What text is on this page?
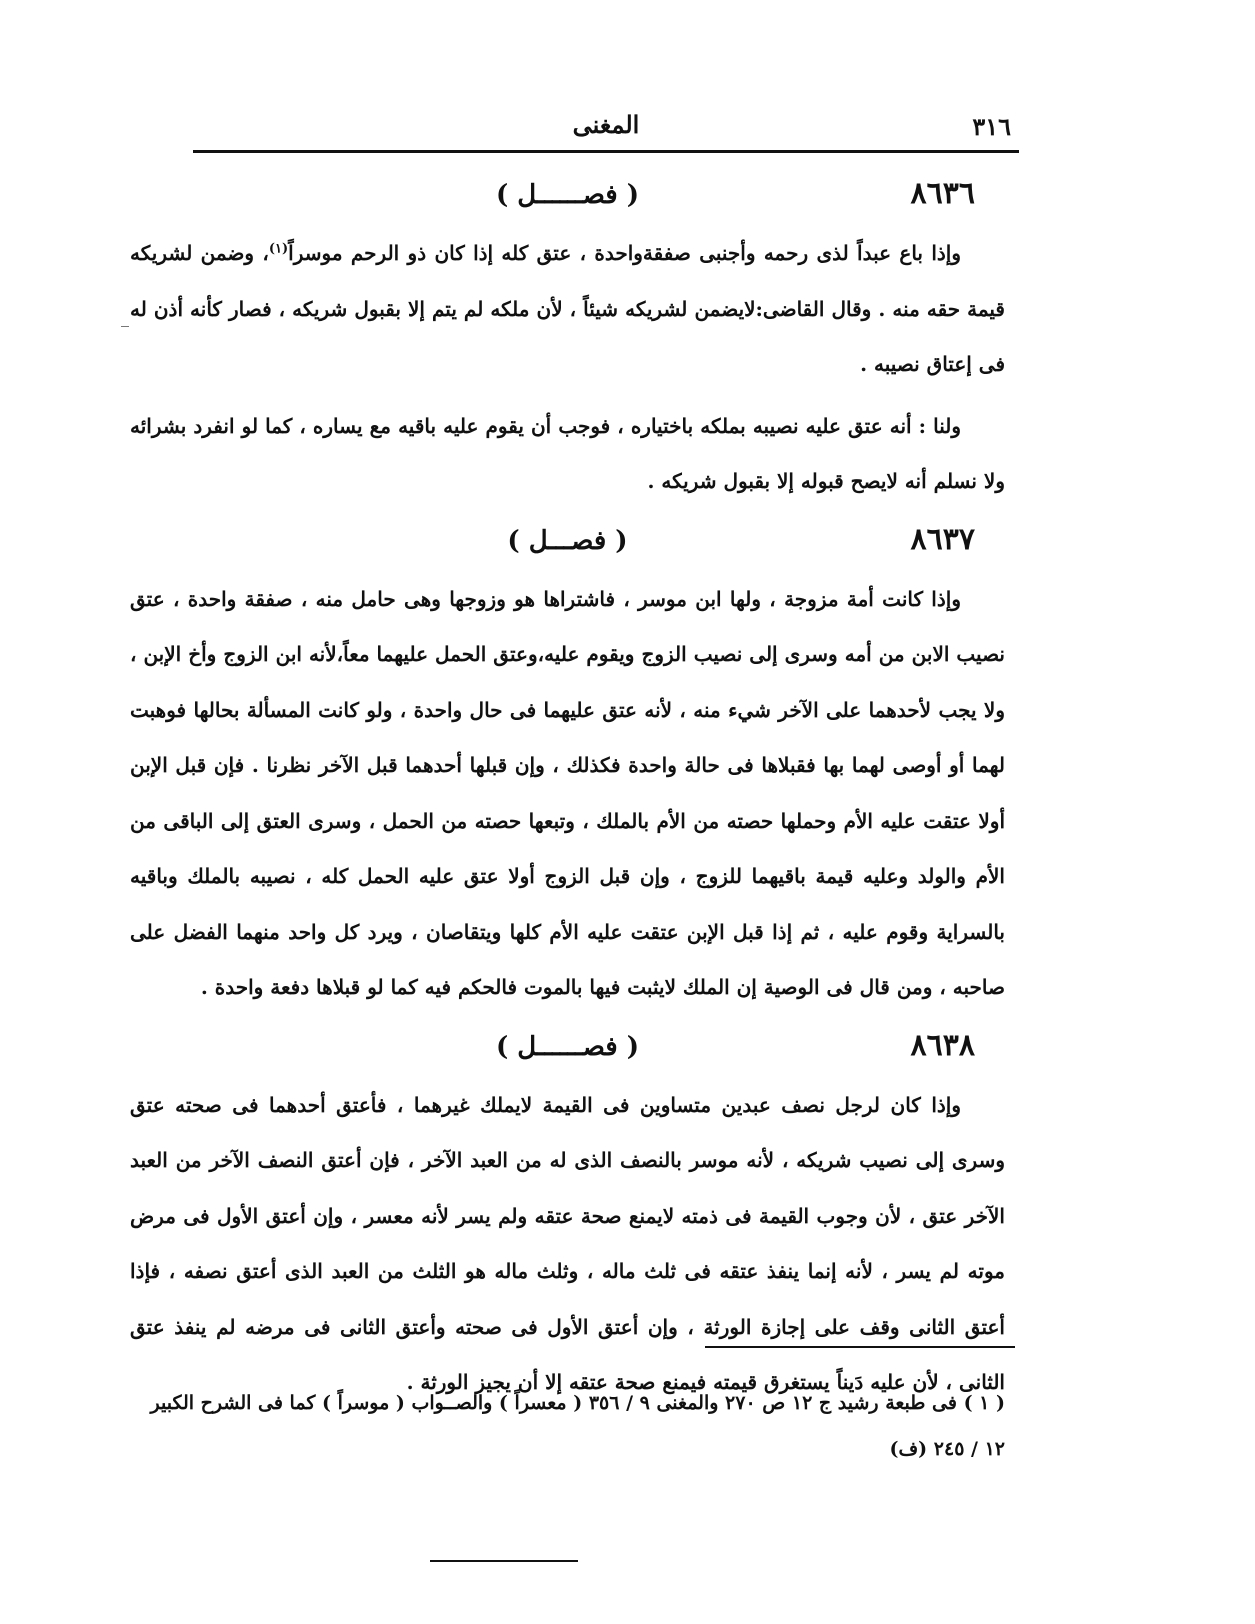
٣١٦
المغنى
٨٦٣٦
( فصــــــل )

وإذا باع عبداً لذى رحمه وأجنبى صفقةواحدة ، عتق كله إذا كان ذو الرحم موسراً$^{(١)}$، وضمن لشريكه قيمة حقه منه . وقال القاضى:لايضمن لشريكه شيئاً ، لأن ملكه لم يتم إلا بقبول شريكه ، فصار كأنه أذن له فى إعتاق نصيبه .

ولنا : أنه عتق عليه نصيبه بملكه باختياره ، فوجب أن يقوم عليه باقيه مع يساره ، كما لو انفرد بشرائه ولا نسلم أنه لايصح قبوله إلا بقبول شريكه .

٨٦٣٧
( فصـــل )

وإذا كانت أمة مزوجة ، ولها ابن موسر ، فاشتراها هو وزوجها وهى حامل منه ، صفقة واحدة ، عتق نصيب الابن من أمه وسرى إلى نصيب الزوج ويقوم عليه،وعتق الحمل عليهما معاً،لأنه ابن الزوج وأخ الإبن ، ولا يجب لأحدهما على الآخر شيء منه ، لأنه عتق عليهما فى حال واحدة ، ولو كانت المسألة بحالها فوهبت لهما أو أوصى لهما بها فقبلاها فى حالة واحدة فكذلك ، وإن قبلها أحدهما قبل الآخر نظرنا . فإن قبل الإبن أولا عتقت عليه الأم وحملها حصته من الأم بالملك ، وتبعها حصته من الحمل ، وسرى العتق إلى الباقى من الأم والولد وعليه قيمة باقيهما للزوج ، وإن قبل الزوج أولا عتق عليه الحمل كله ، نصيبه بالملك وباقيه بالسراية وقوم عليه ، ثم إذا قبل الإبن عتقت عليه الأم كلها ويتقاصان ، ويرد كل واحد منهما الفضل على صاحبه ، ومن قال فى الوصية إن الملك لايثبت فيها بالموت فالحكم فيه كما لو قبلاها دفعة واحدة .

٨٦٣٨
( فصــــــل )

وإذا كان لرجل نصف عبدين متساوين فى القيمة لايملك غيرهما ، فأعتق أحدهما فى صحته عتق وسرى إلى نصيب شريكه ، لأنه موسر بالنصف الذى له من العبد الآخر ، فإن أعتق النصف الآخر من العبد الآخر عتق ، لأن وجوب القيمة فى ذمته لايمنع صحة عتقه ولم يسر لأنه معسر ، وإن أعتق الأول فى مرض موته لم يسر ، لأنه إنما ينفذ عتقه فى ثلث ماله ، وثلث ماله هو الثلث من العبد الذى أعتق نصفه ، فإذا أعتق الثانى وقف على إجازة الورثة ، وإن أعتق الأول فى صحته وأعتق الثانى فى مرضه لم ينفذ عتق الثانى ، لأن عليه دَيناً يستغرق قيمته فيمنع صحة عتقه إلا أن يجيز الورثة .

( ١ ) فى طبعة رشيد ج ١٢ ص ٢٧٠ والمغنى ٩ / ٣٥٦ ( معسراً ) والصــواب ( موسراً ) كما فى الشرح الكبير ١٢ / ٢٤٥ (ف)
